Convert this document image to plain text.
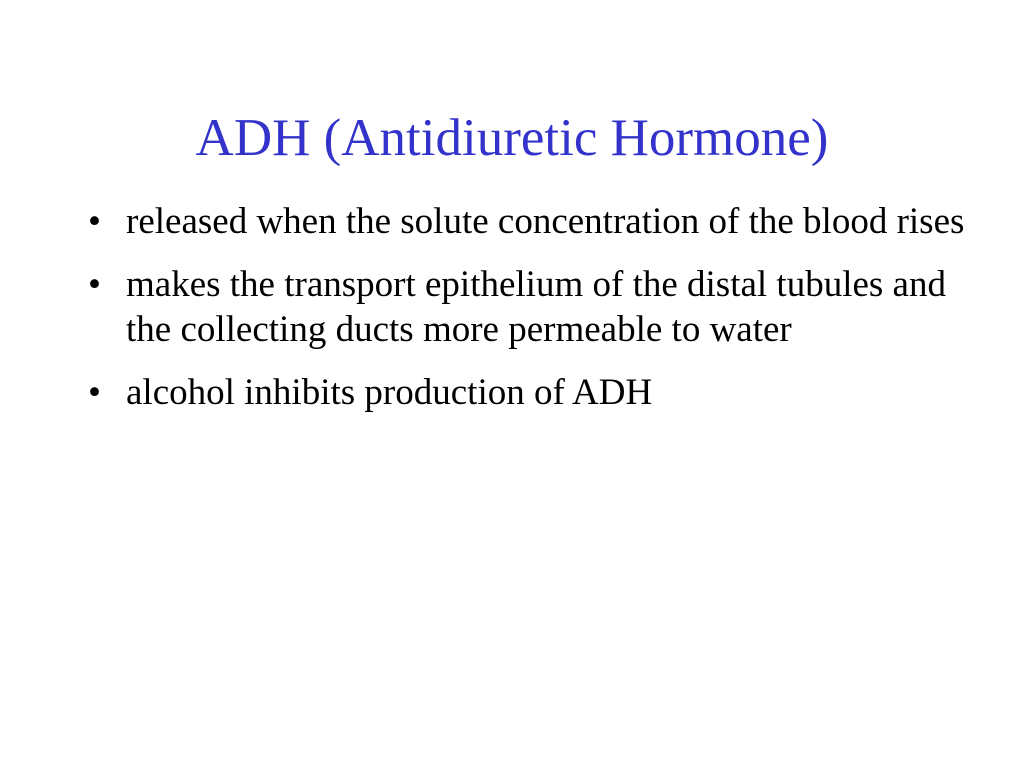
ADH (Antidiuretic Hormone)
• released when the solute concentration of the blood rises
• makes the transport epithelium of the distal tubules and the collecting ducts more permeable to water
• alcohol inhibits production of ADH
